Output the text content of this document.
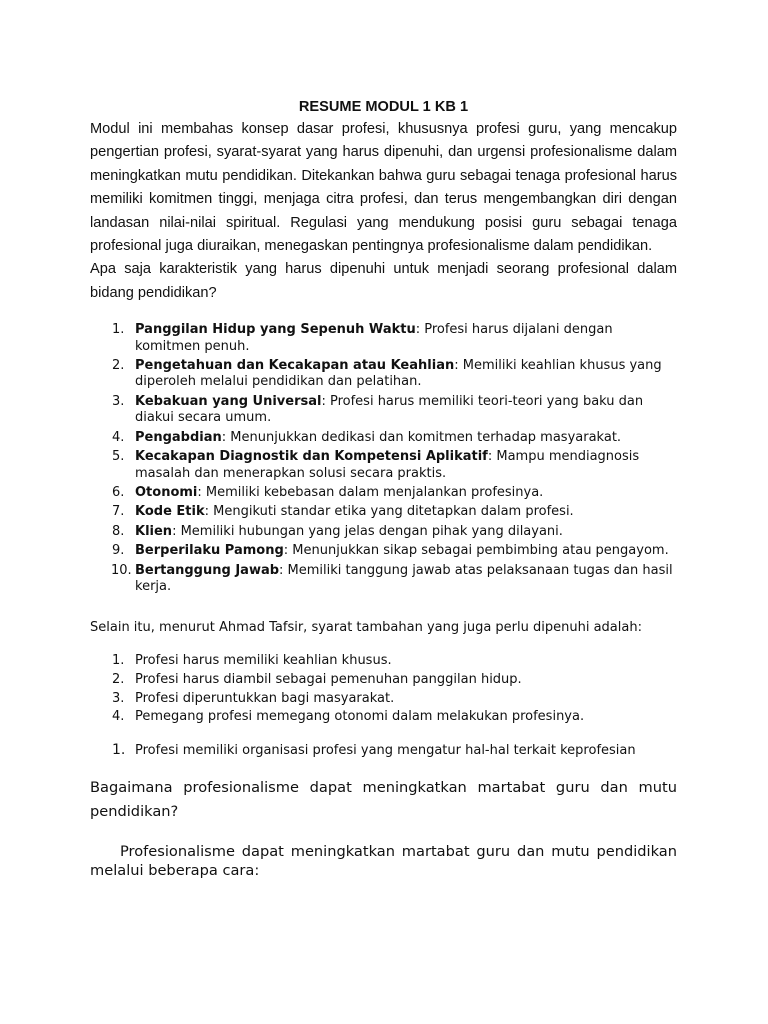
RESUME MODUL 1 KB 1

Modul ini membahas konsep dasar profesi, khususnya profesi guru, yang mencakup pengertian profesi, syarat-syarat yang harus dipenuhi, dan urgensi profesionalisme dalam meningkatkan mutu pendidikan. Ditekankan bahwa guru sebagai tenaga profesional harus memiliki komitmen tinggi, menjaga citra profesi, dan terus mengembangkan diri dengan landasan nilai-nilai spiritual. Regulasi yang mendukung posisi guru sebagai tenaga profesional juga diuraikan, menegaskan pentingnya profesionalisme dalam pendidikan.

Apa saja karakteristik yang harus dipenuhi untuk menjadi seorang profesional dalam bidang pendidikan?

1. Panggilan Hidup yang Sepenuh Waktu: Profesi harus dijalani dengan komitmen penuh.
2. Pengetahuan dan Kecakapan atau Keahlian: Memiliki keahlian khusus yang diperoleh melalui pendidikan dan pelatihan.
3. Kebakuan yang Universal: Profesi harus memiliki teori-teori yang baku dan diakui secara umum.
4. Pengabdian: Menunjukkan dedikasi dan komitmen terhadap masyarakat.
5. Kecakapan Diagnostik dan Kompetensi Aplikatif: Mampu mendiagnosis masalah dan menerapkan solusi secara praktis.
6. Otonomi: Memiliki kebebasan dalam menjalankan profesinya.
7. Kode Etik: Mengikuti standar etika yang ditetapkan dalam profesi.
8. Klien: Memiliki hubungan yang jelas dengan pihak yang dilayani.
9. Berperilaku Pamong: Menunjukkan sikap sebagai pembimbing atau pengayom.
10. Bertanggung Jawab: Memiliki tanggung jawab atas pelaksanaan tugas dan hasil kerja.

Selain itu, menurut Ahmad Tafsir, syarat tambahan yang juga perlu dipenuhi adalah:

1. Profesi harus memiliki keahlian khusus.
2. Profesi harus diambil sebagai pemenuhan panggilan hidup.
3. Profesi diperuntukkan bagi masyarakat.
4. Pemegang profesi memegang otonomi dalam melakukan profesinya.
1. Profesi memiliki organisasi profesi yang mengatur hal-hal terkait keprofesian

Bagaimana profesionalisme dapat meningkatkan martabat guru dan mutu pendidikan?

Profesionalisme dapat meningkatkan martabat guru dan mutu pendidikan melalui beberapa cara:
